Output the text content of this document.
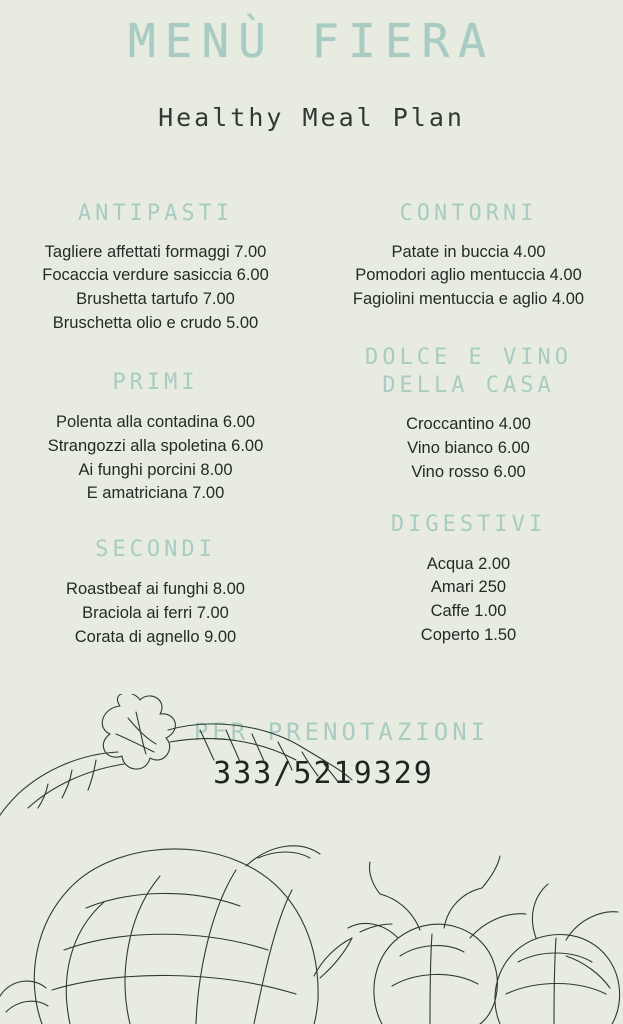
MENÙ FIERA
Healthy Meal Plan
ANTIPASTI
Tagliere affettati formaggi 7.00
Focaccia verdure sasiccia 6.00
Brushetta tartufo 7.00
Bruschetta olio e crudo 5.00
PRIMI
Polenta alla contadina 6.00
Strangozzi alla spoletina 6.00
Ai funghi porcini 8.00
E amatriciana 7.00
SECONDI
Roastbeaf ai funghi 8.00
Braciola ai ferri 7.00
Corata di agnello 9.00
CONTORNI
Patate in buccia 4.00
Pomodori aglio mentuccia 4.00
Fagiolini mentuccia e aglio 4.00
DOLCE E VINO DELLA CASA
Croccantino 4.00
Vino bianco 6.00
Vino rosso 6.00
DIGESTIVI
Acqua 2.00
Amari 250
Caffe 1.00
Coperto 1.50
PER PRENOTAZIONI
333/5219329
